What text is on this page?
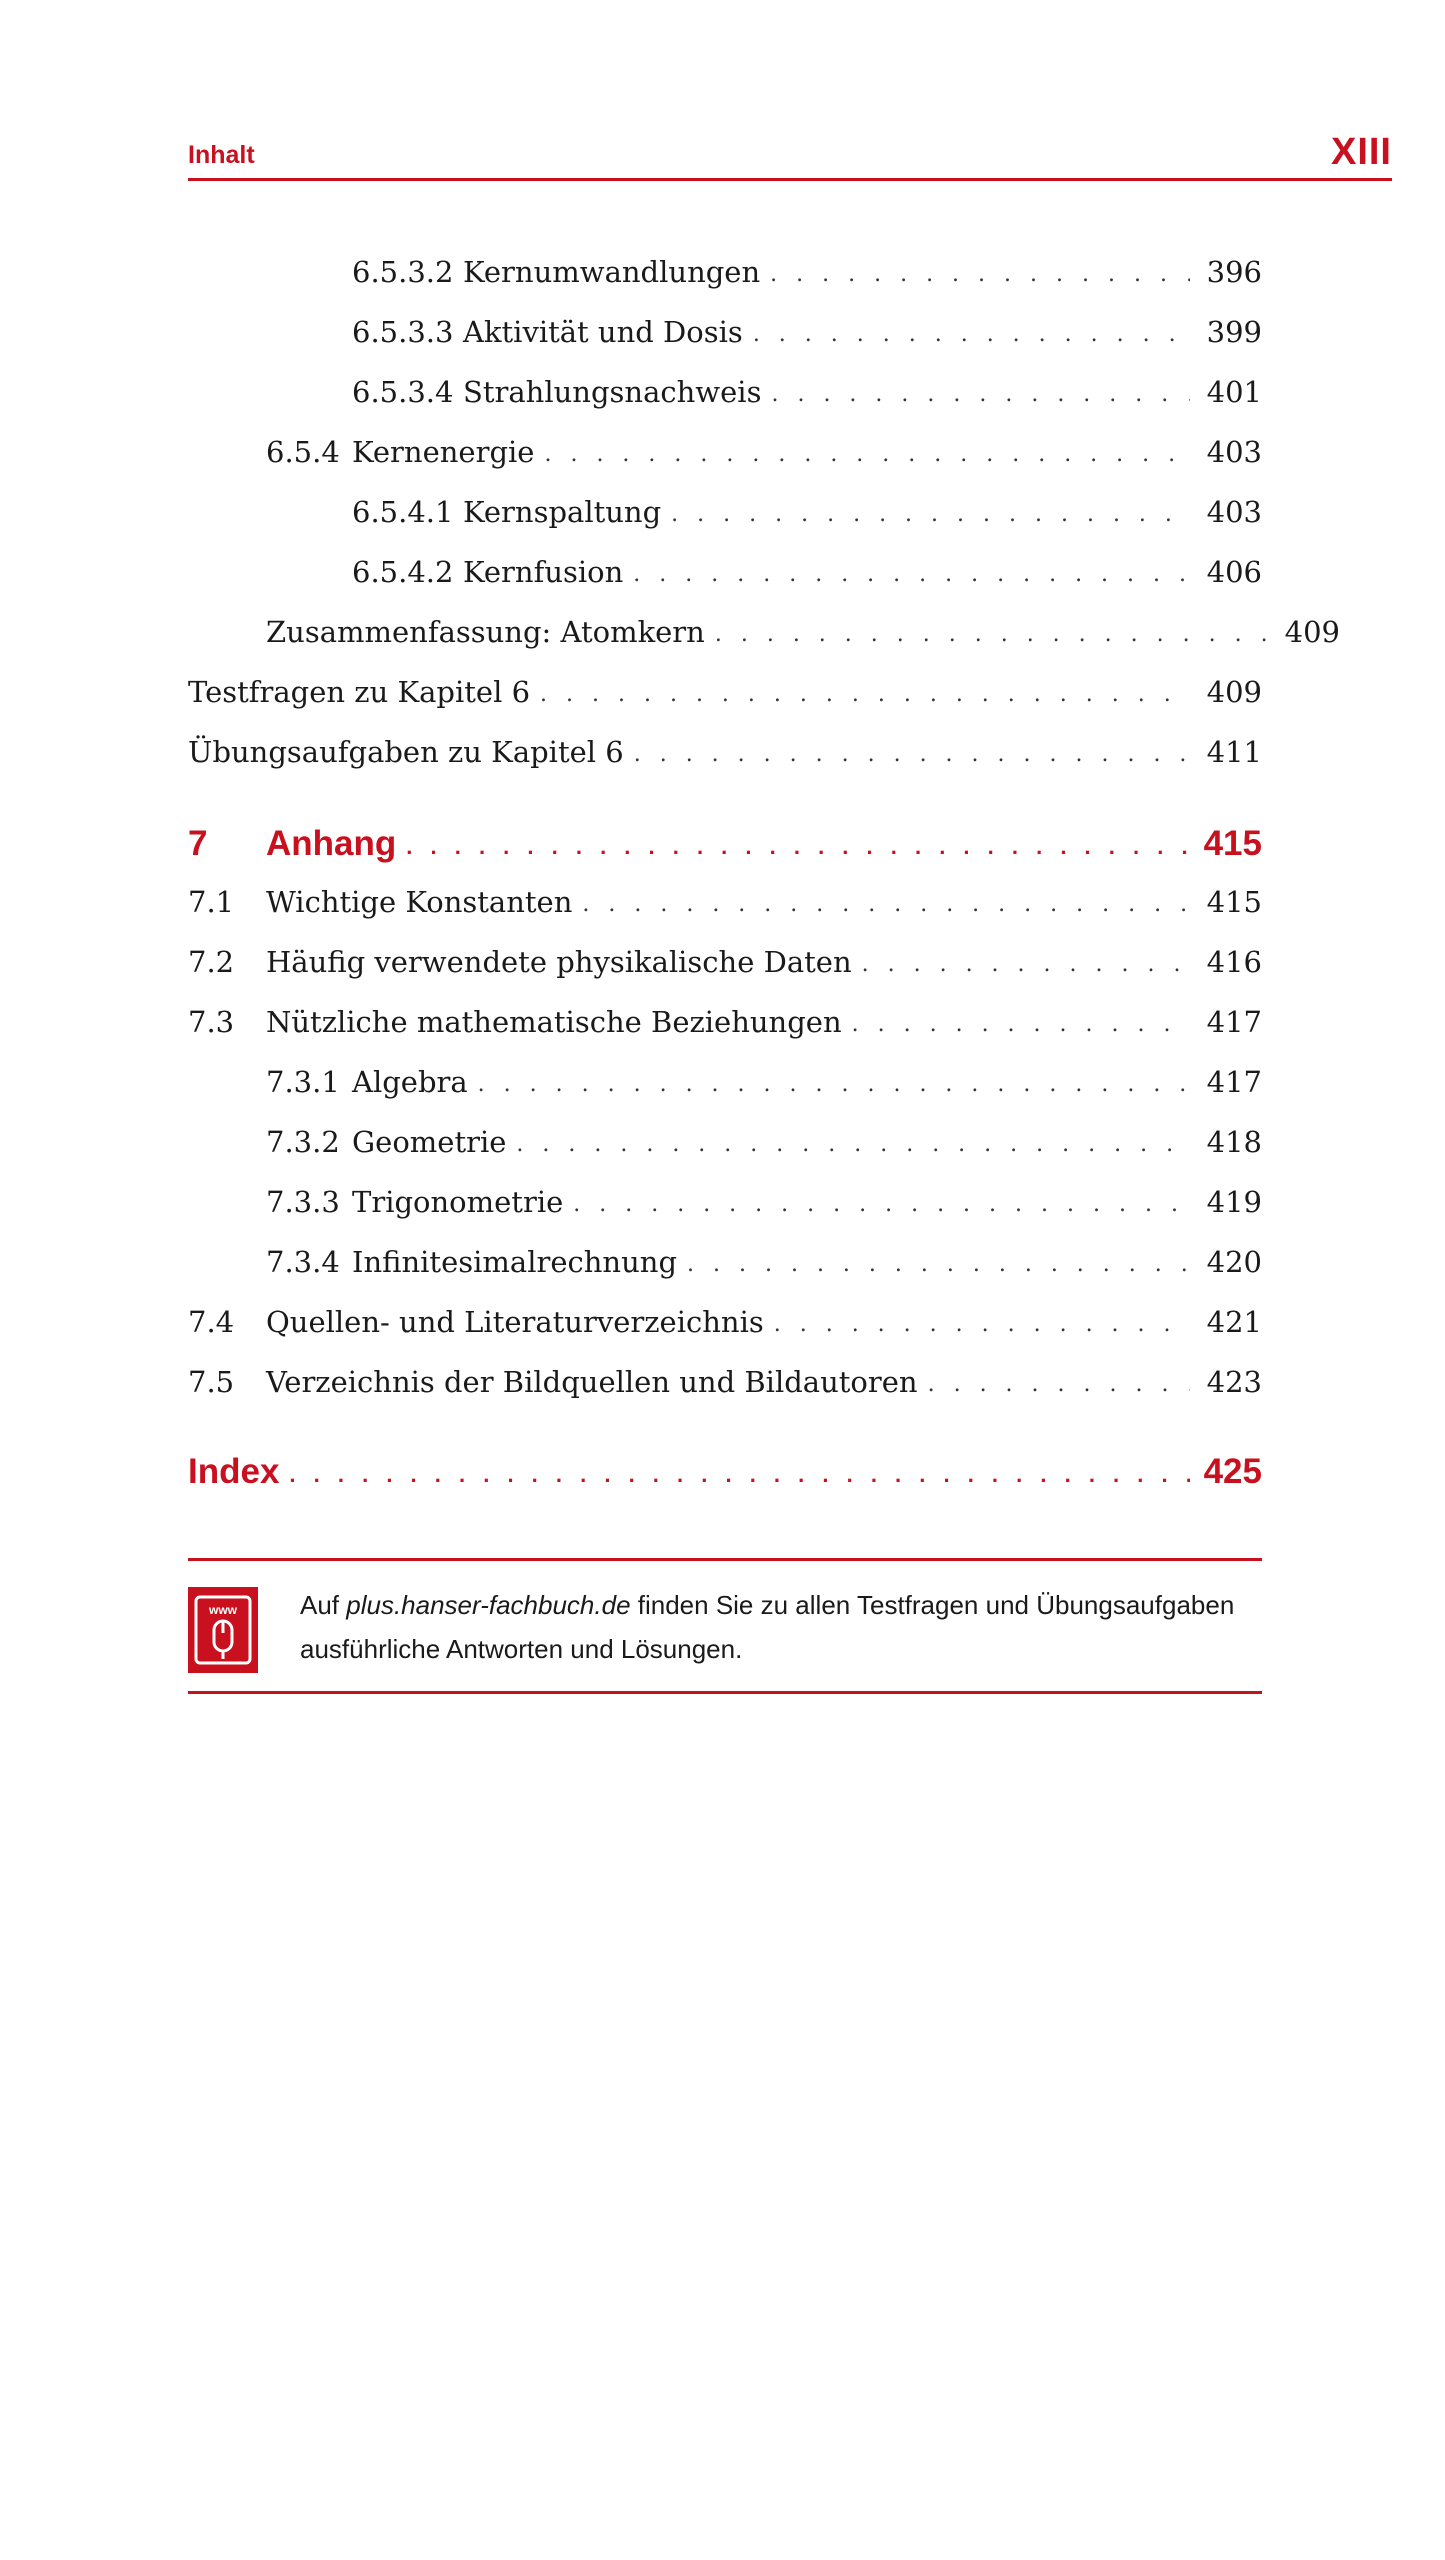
Inhalt	XIII
6.5.3.2 Kernumwandlungen . . .	396
6.5.3.3 Aktivität und Dosis . . .	399
6.5.3.4 Strahlungsnachweis . . .	401
6.5.4 Kernenergie . . .	403
6.5.4.1 Kernspaltung . . .	403
6.5.4.2 Kernfusion . . .	406
Zusammenfassung: Atomkern . . .	409
Testfragen zu Kapitel 6 . . .	409
Übungsaufgaben zu Kapitel 6 . . .	411
7	Anhang . . .	415
7.1	Wichtige Konstanten . . .	415
7.2	Häufig verwendete physikalische Daten . . .	416
7.3	Nützliche mathematische Beziehungen . . .	417
7.3.1 Algebra . . .	417
7.3.2 Geometrie . . .	418
7.3.3 Trigonometrie . . .	419
7.3.4 Infinitesimalrechnung . . .	420
7.4	Quellen- und Literaturverzeichnis . . .	421
7.5	Verzeichnis der Bildquellen und Bildautoren . . .	423
Index . . .	425
www Auf plus.hanser-fachbuch.de finden Sie zu allen Testfragen und Übungsaufgaben ausführliche Antworten und Lösungen.
